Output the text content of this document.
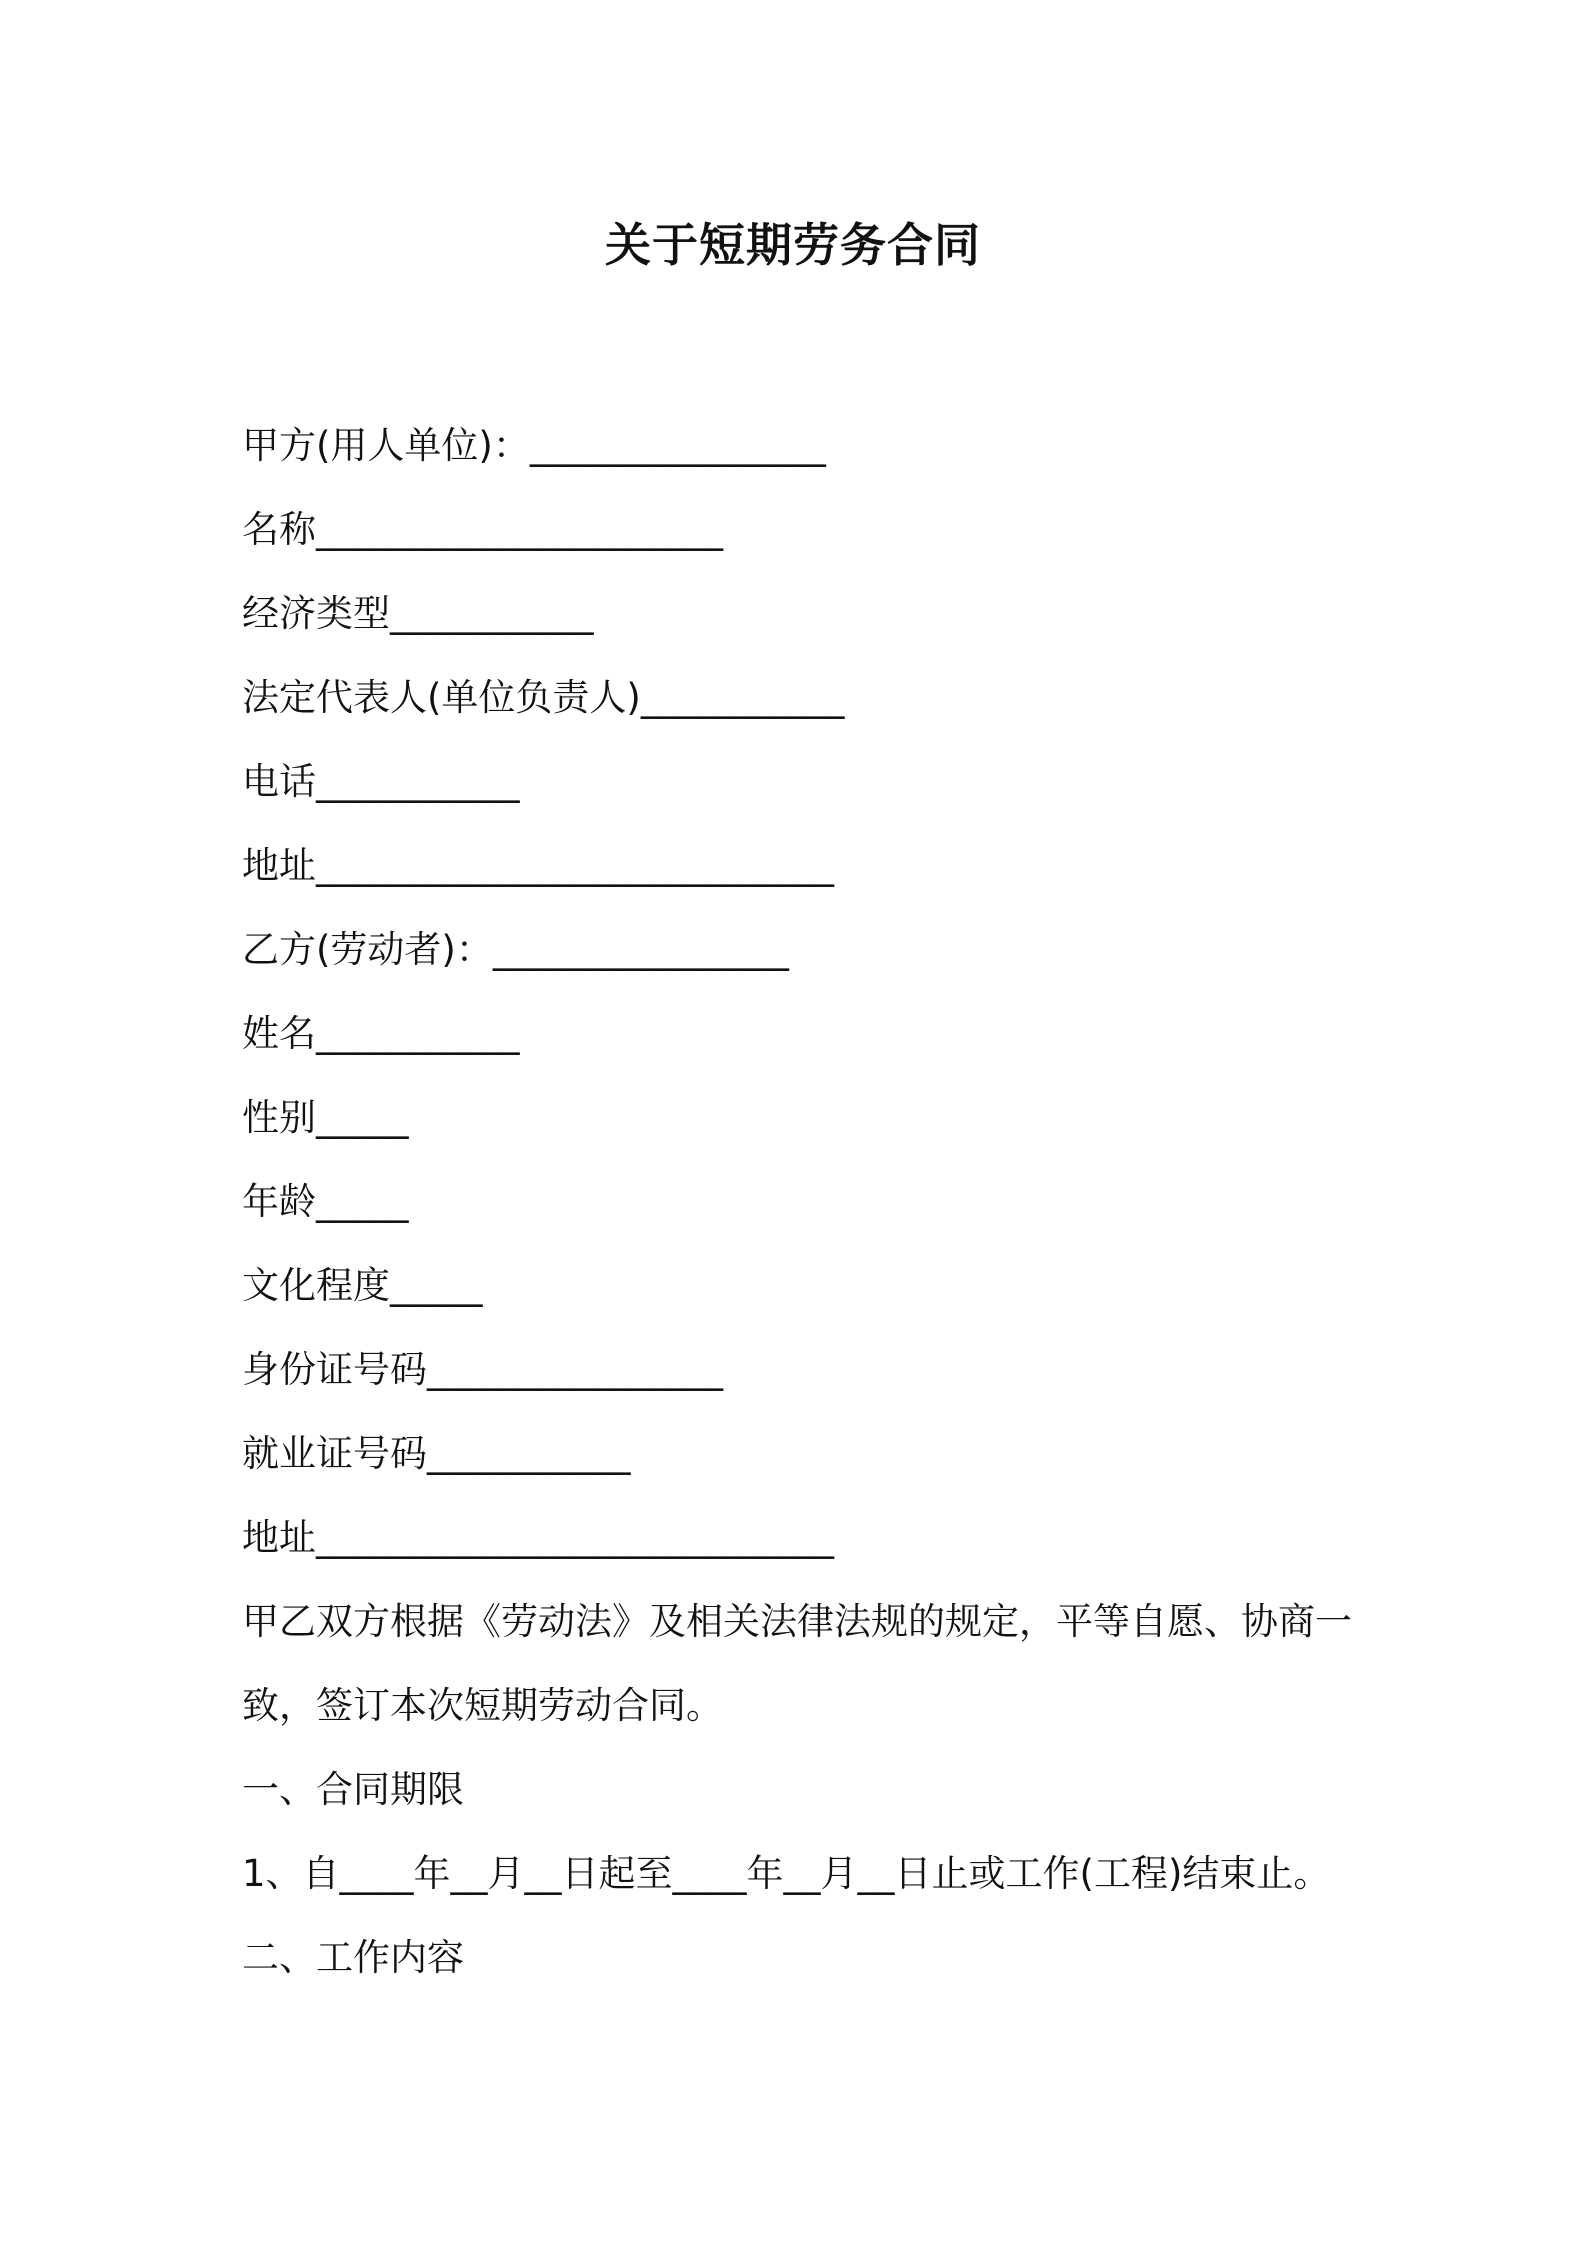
关于短期劳务合同
甲方(用人单位)：________________
名称______________________
经济类型___________
法定代表人(单位负责人)___________
电话___________
地址____________________________
乙方(劳动者)：________________
姓名___________
性别_____
年龄_____
文化程度_____
身份证号码________________
就业证号码___________
地址____________________________
甲乙双方根据《劳动法》及相关法律法规的规定，平等自愿、协商一
致，签订本次短期劳动合同。
一、合同期限
1、自____年__月__日起至____年__月__日止或工作(工程)结束止。
二、工作内容
